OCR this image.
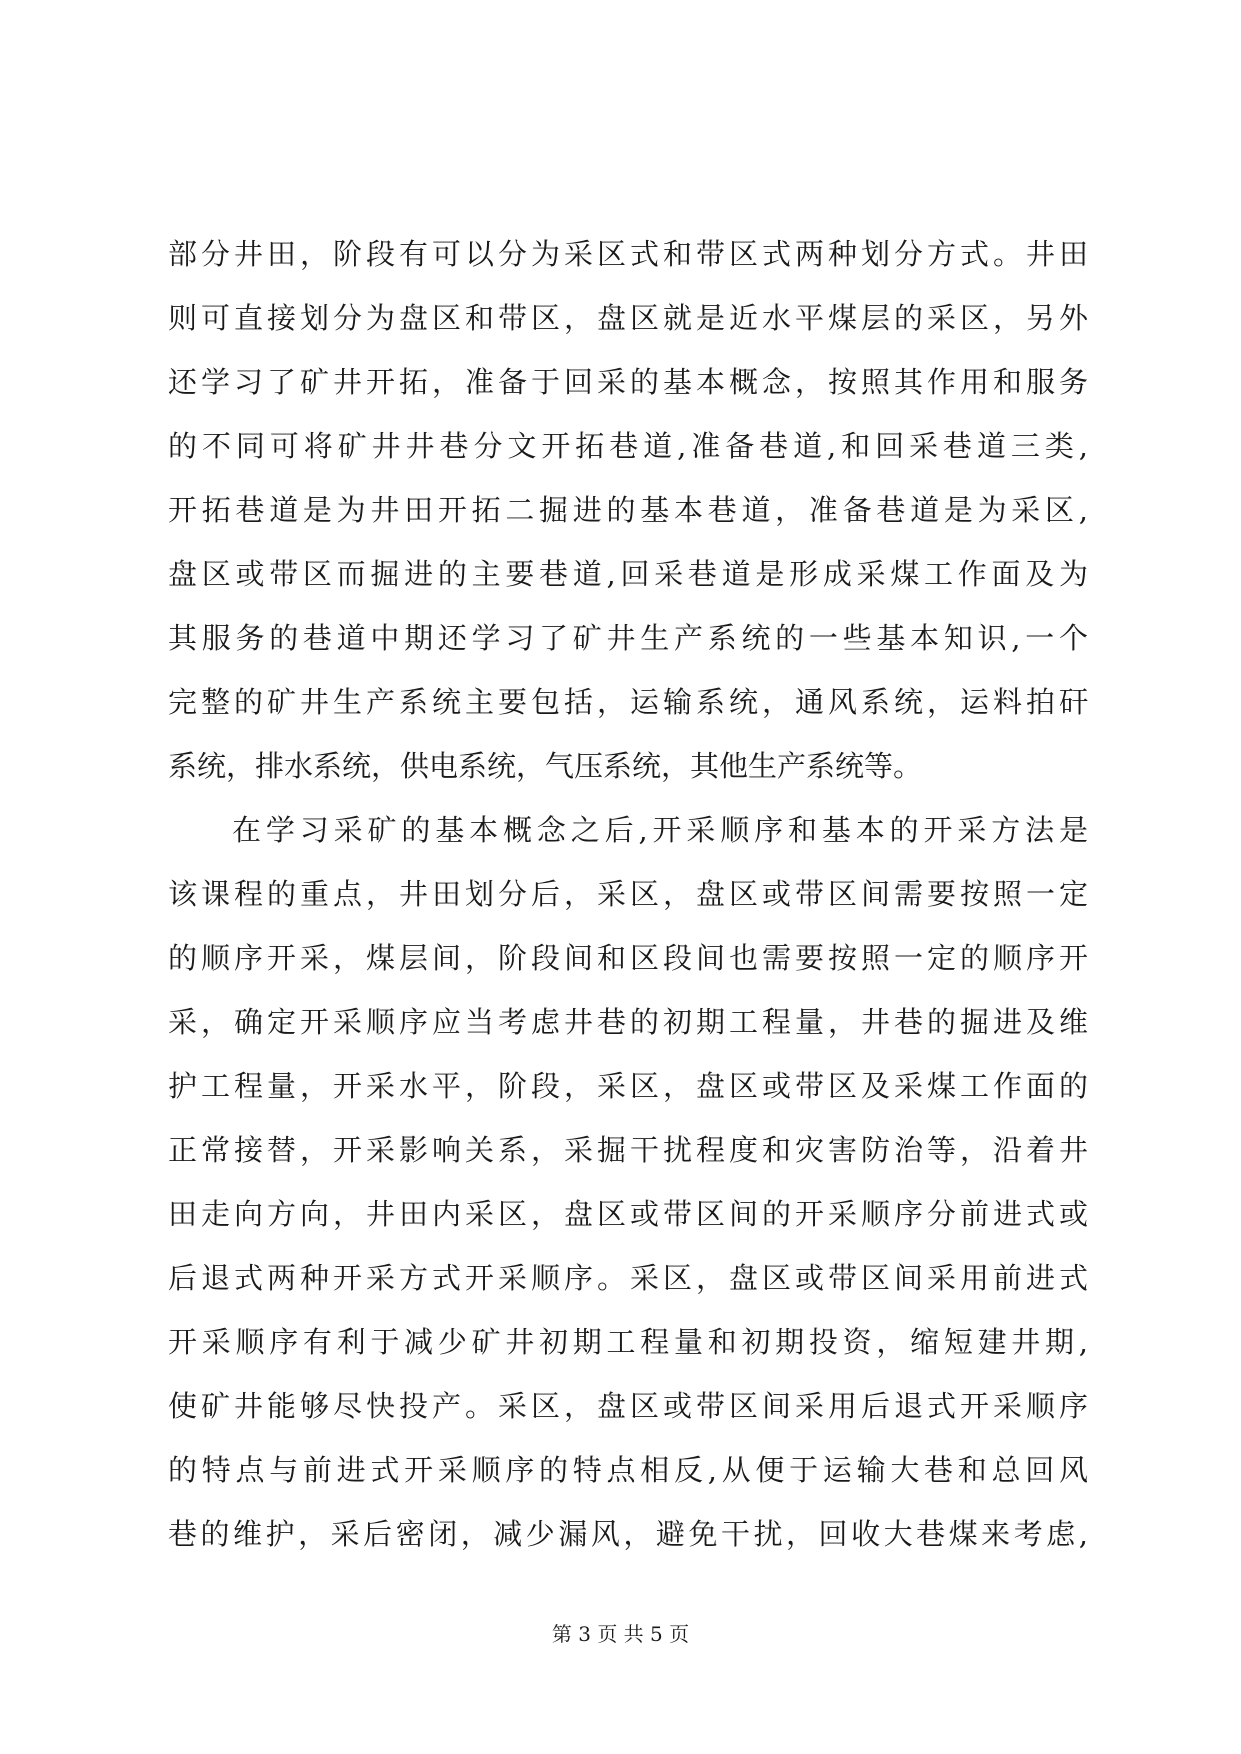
部分井田，阶段有可以分为采区式和带区式两种划分方式。井田
则可直接划分为盘区和带区，盘区就是近水平煤层的采区，另外
还学习了矿井开拓，准备于回采的基本概念，按照其作用和服务
的不同可将矿井井巷分文开拓巷道,准备巷道,和回采巷道三类,
开拓巷道是为井田开拓二掘进的基本巷道，准备巷道是为采区,
盘区或带区而掘进的主要巷道,回采巷道是形成采煤工作面及为
其服务的巷道中期还学习了矿井生产系统的一些基本知识,一个
完整的矿井生产系统主要包括，运输系统，通风系统，运料拍矸
系统，排水系统，供电系统，气压系统，其他生产系统等。
在学习采矿的基本概念之后,开采顺序和基本的开采方法是
该课程的重点，井田划分后，采区，盘区或带区间需要按照一定
的顺序开采，煤层间，阶段间和区段间也需要按照一定的顺序开
采，确定开采顺序应当考虑井巷的初期工程量，井巷的掘进及维
护工程量，开采水平，阶段，采区，盘区或带区及采煤工作面的
正常接替，开采影响关系，采掘干扰程度和灾害防治等，沿着井
田走向方向，井田内采区，盘区或带区间的开采顺序分前进式或
后退式两种开采方式开采顺序。采区，盘区或带区间采用前进式
开采顺序有利于减少矿井初期工程量和初期投资，缩短建井期,
使矿井能够尽快投产。采区，盘区或带区间采用后退式开采顺序
的特点与前进式开采顺序的特点相反,从便于运输大巷和总回风
巷的维护，采后密闭，减少漏风，避免干扰，回收大巷煤来考虑,
第 3 页 共 5 页
